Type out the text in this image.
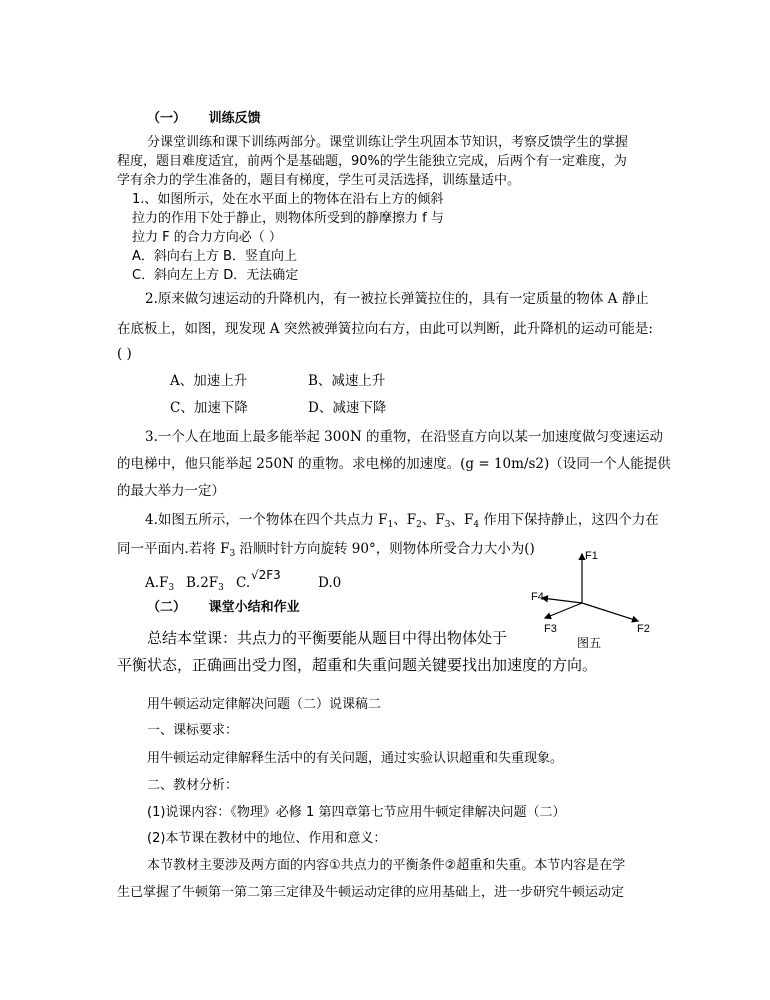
（一） 训练反馈
分课堂训练和课下训练两部分。课堂训练让学生巩固本节知识，考察反馈学生的掌握
程度，题目难度适宜，前两个是基础题，90%的学生能独立完成，后两个有一定难度，为
学有余力的学生准备的，题目有梯度，学生可灵活选择，训练量适中。
1.、如图所示，处在水平面上的物体在沿右上方的倾斜
拉力的作用下处于静止，则物体所受到的静摩擦力 f 与
拉力 F 的合力方向必（ ）
A．斜向右上方 B．竖直向上
C．斜向左上方 D．无法确定
2.原来做匀速运动的升降机内，有一被拉长弹簧拉住的，具有一定质量的物体 A 静止
在底板上，如图，现发现 A 突然被弹簧拉向右方，由此可以判断，此升降机的运动可能是:
( )
A、加速上升	B、减速上升
C、加速下降	D、减速下降
3.一个人在地面上最多能举起 300N 的重物，在沿竖直方向以某一加速度做匀变速运动
的电梯中，他只能举起 250N 的重物。求电梯的加速度。(g = 10m/s2)（设同一个人能提供
的最大举力一定）
4.如图五所示，一个物体在四个共点力 $F_1$、$F_2$、$F_3$、$F_4$ 作用下保持静止，这四个力在
同一平面内.若将 $F_3$ 沿顺时针方向旋转 90°，则物体所受合力大小为()
$A.F_3$ $B.2F_3$ C. √2F3	D.0
（二） 课堂小结和作业
总结本堂课：共点力的平衡要能从题目中得出物体处于
平衡状态，正确画出受力图，超重和失重问题关键要找出加速度的方向。
F1
F2
F3
F4
图五
用牛顿运动定律解决问题（二）说课稿二
一、课标要求：
用牛顿运动定律解释生活中的有关问题，通过实验认识超重和失重现象。
二、教材分析：
(1)说课内容：《物理》必修 1 第四章第七节应用牛顿定律解决问题（二）
(2)本节课在教材中的地位、作用和意义：
本节教材主要涉及两方面的内容①共点力的平衡条件②超重和失重。本节内容是在学
生已掌握了牛顿第一第二第三定律及牛顿运动定律的应用基础上，进一步研究牛顿运动定
